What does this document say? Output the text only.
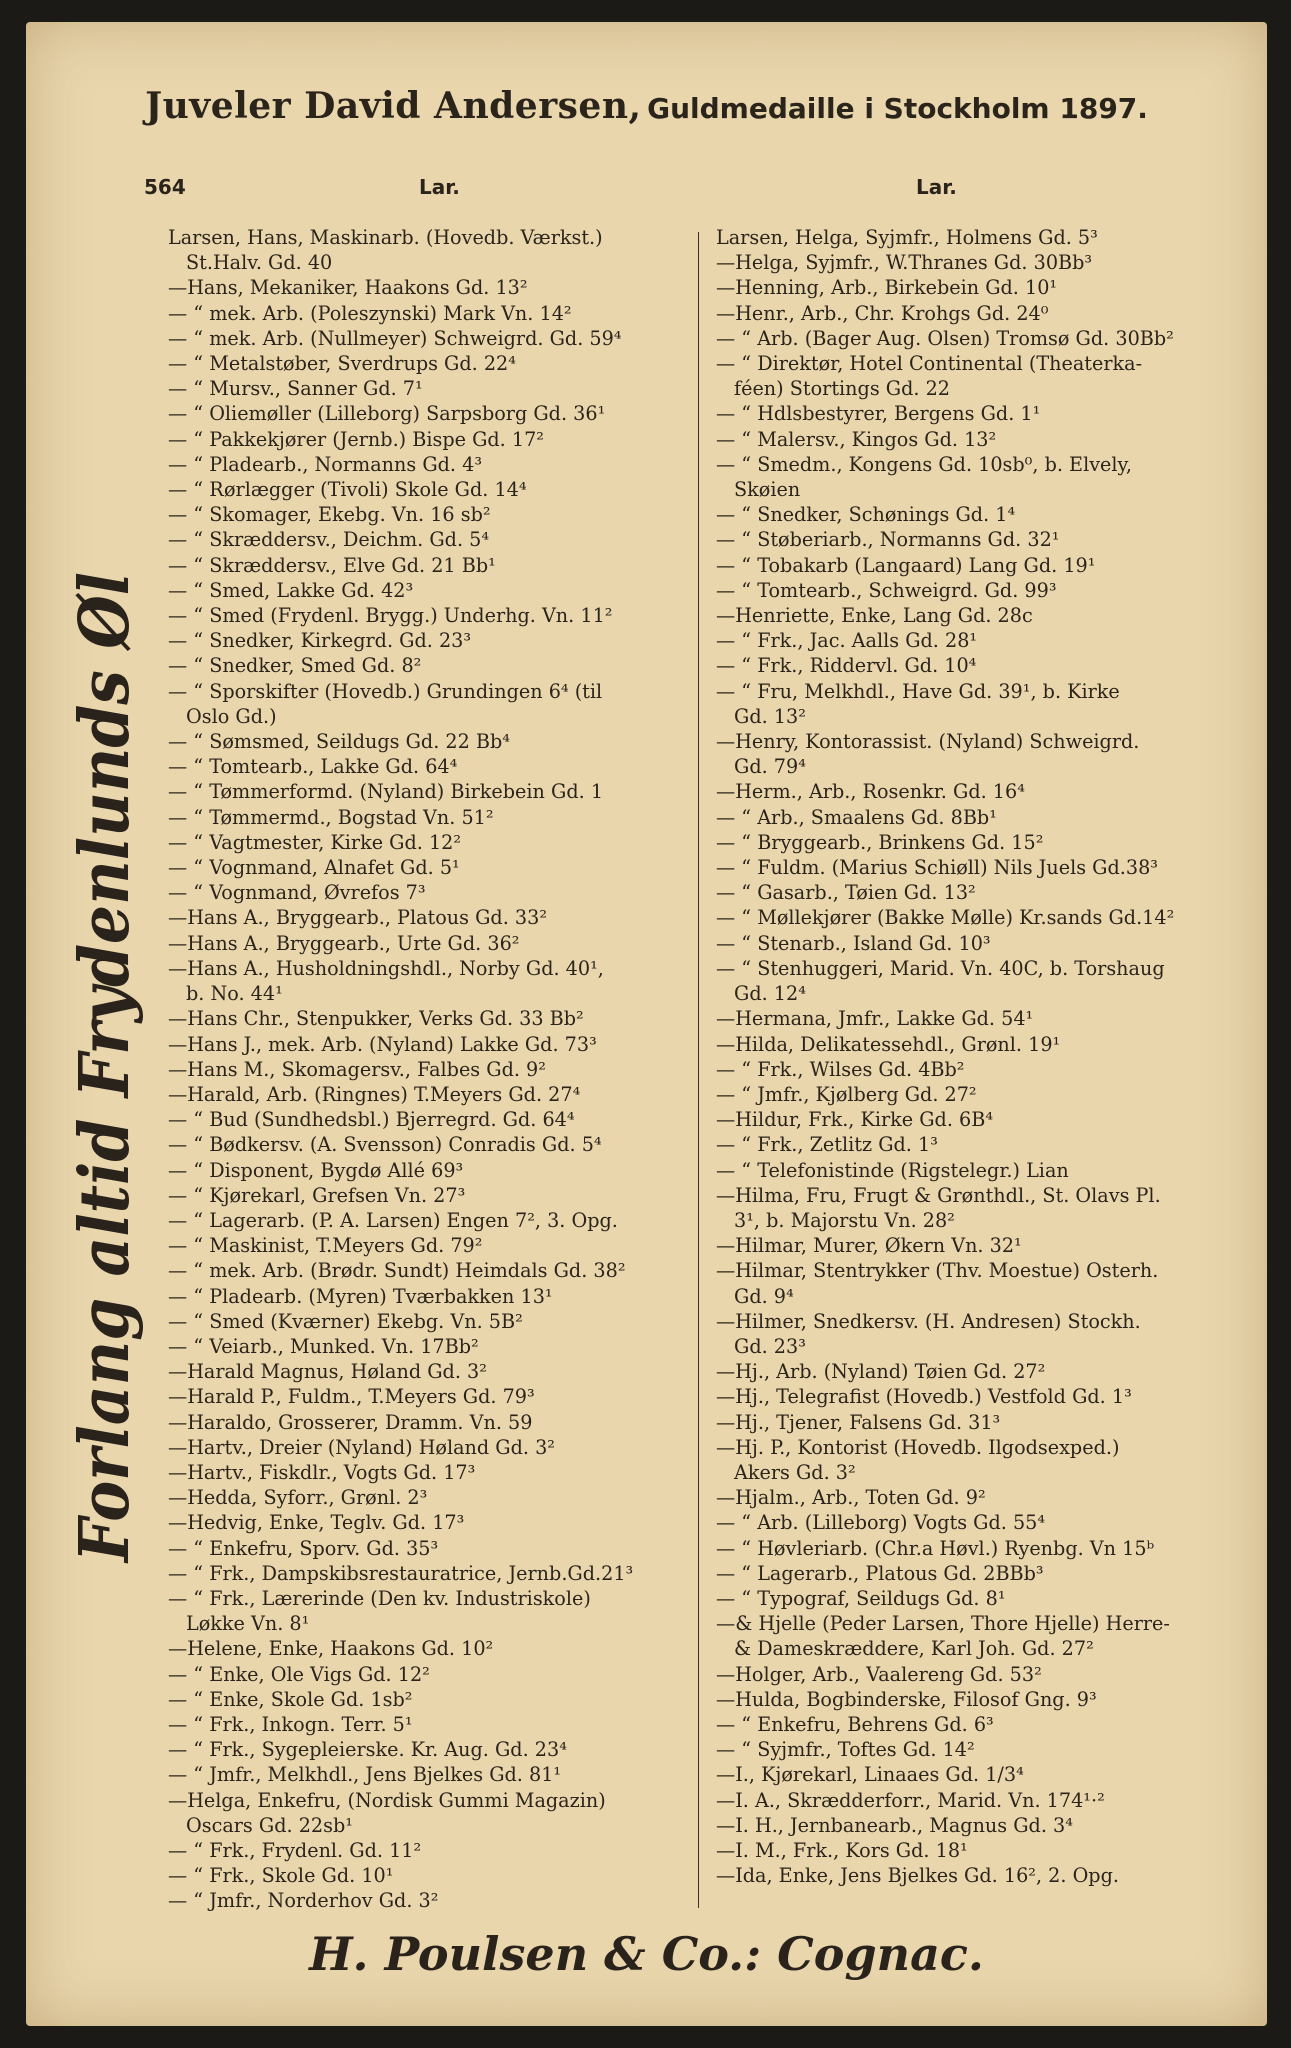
Juveler David Andersen, Guldmedaille i Stockholm 1897.
564	Lar.	Lar.
Forlang altid Frydenlunds Øl
Larsen, Hans, Maskinarb. (Hovedb. Værkst.)
St.Halv. Gd. 40
—Hans, Mekaniker, Haakons Gd. 13²
— “ mek. Arb. (Poleszynski) Mark Vn. 14²
— “ mek. Arb. (Nullmeyer) Schweigrd. Gd. 59⁴
— “ Metalstøber, Sverdrups Gd. 22⁴
— “ Mursv., Sanner Gd. 7¹
— “ Oliemøller (Lilleborg) Sarpsborg Gd. 36¹
— “ Pakkekjører (Jernb.) Bispe Gd. 17²
— “ Pladearb., Normanns Gd. 4³
— “ Rørlægger (Tivoli) Skole Gd. 14⁴
— “ Skomager, Ekebg. Vn. 16 sb²
— “ Skræddersv., Deichm. Gd. 5⁴
— “ Skræddersv., Elve Gd. 21 Bb¹
— “ Smed, Lakke Gd. 42³
— “ Smed (Frydenl. Brygg.) Underhg. Vn. 11²
— “ Snedker, Kirkegrd. Gd. 23³
— “ Snedker, Smed Gd. 8²
— “ Sporskifter (Hovedb.) Grundingen 6⁴ (til
Oslo Gd.)
— “ Sømsmed, Seildugs Gd. 22 Bb⁴
— “ Tomtearb., Lakke Gd. 64⁴
— “ Tømmerformd. (Nyland) Birkebein Gd. 1
— “ Tømmermd., Bogstad Vn. 51²
— “ Vagtmester, Kirke Gd. 12²
— “ Vognmand, Alnafet Gd. 5¹
— “ Vognmand, Øvrefos 7³
—Hans A., Bryggearb., Platous Gd. 33²
—Hans A., Bryggearb., Urte Gd. 36²
—Hans A., Husholdningshdl., Norby Gd. 40¹,
b. No. 44¹
—Hans Chr., Stenpukker, Verks Gd. 33 Bb²
—Hans J., mek. Arb. (Nyland) Lakke Gd. 73³
—Hans M., Skomagersv., Falbes Gd. 9²
—Harald, Arb. (Ringnes) T.Meyers Gd. 27⁴
— “ Bud (Sundhedsbl.) Bjerregrd. Gd. 64⁴
— “ Bødkersv. (A. Svensson) Conradis Gd. 5⁴
— “ Disponent, Bygdø Allé 69³
— “ Kjørekarl, Grefsen Vn. 27³
— “ Lagerarb. (P. A. Larsen) Engen 7², 3. Opg.
— “ Maskinist, T.Meyers Gd. 79²
— “ mek. Arb. (Brødr. Sundt) Heimdals Gd. 38²
— “ Pladearb. (Myren) Tværbakken 13¹
— “ Smed (Kværner) Ekebg. Vn. 5B²
— “ Veiarb., Munked. Vn. 17Bb²
—Harald Magnus, Høland Gd. 3²
—Harald P., Fuldm., T.Meyers Gd. 79³
—Haraldo, Grosserer, Dramm. Vn. 59
—Hartv., Dreier (Nyland) Høland Gd. 3²
—Hartv., Fiskdlr., Vogts Gd. 17³
—Hedda, Syforr., Grønl. 2³
—Hedvig, Enke, Teglv. Gd. 17³
— “ Enkefru, Sporv. Gd. 35³
— “ Frk., Dampskibsrestauratrice, Jernb.Gd.21³
— “ Frk., Lærerinde (Den kv. Industriskole)
Løkke Vn. 8¹
—Helene, Enke, Haakons Gd. 10²
— “ Enke, Ole Vigs Gd. 12²
— “ Enke, Skole Gd. 1sb²
— “ Frk., Inkogn. Terr. 5¹
— “ Frk., Sygepleierske. Kr. Aug. Gd. 23⁴
— “ Jmfr., Melkhdl., Jens Bjelkes Gd. 81¹
—Helga, Enkefru, (Nordisk Gummi Magazin)
Oscars Gd. 22sb¹
— “ Frk., Frydenl. Gd. 11²
— “ Frk., Skole Gd. 10¹
— “ Jmfr., Norderhov Gd. 3²
Larsen, Helga, Syjmfr., Holmens Gd. 5³
—Helga, Syjmfr., W.Thranes Gd. 30Bb³
—Henning, Arb., Birkebein Gd. 10¹
—Henr., Arb., Chr. Krohgs Gd. 24⁰
— “ Arb. (Bager Aug. Olsen) Tromsø Gd. 30Bb²
— “ Direktør, Hotel Continental (Theaterka-
féen) Stortings Gd. 22
— “ Hdlsbestyrer, Bergens Gd. 1¹
— “ Malersv., Kingos Gd. 13²
— “ Smedm., Kongens Gd. 10sb⁰, b. Elvely,
Skøien
— “ Snedker, Schønings Gd. 1⁴
— “ Støberiarb., Normanns Gd. 32¹
— “ Tobakarb (Langaard) Lang Gd. 19¹
— “ Tomtearb., Schweigrd. Gd. 99³
—Henriette, Enke, Lang Gd. 28c
— “ Frk., Jac. Aalls Gd. 28¹
— “ Frk., Riddervl. Gd. 10⁴
— “ Fru, Melkhdl., Have Gd. 39¹, b. Kirke
Gd. 13²
—Henry, Kontorassist. (Nyland) Schweigrd.
Gd. 79⁴
—Herm., Arb., Rosenkr. Gd. 16⁴
— “ Arb., Smaalens Gd. 8Bb¹
— “ Bryggearb., Brinkens Gd. 15²
— “ Fuldm. (Marius Schiøll) Nils Juels Gd.38³
— “ Gasarb., Tøien Gd. 13²
— “ Møllekjører (Bakke Mølle) Kr.sands Gd.14²
— “ Stenarb., Island Gd. 10³
— “ Stenhuggeri, Marid. Vn. 40C, b. Torshaug
Gd. 12⁴
—Hermana, Jmfr., Lakke Gd. 54¹
—Hilda, Delikatessehdl., Grønl. 19¹
— “ Frk., Wilses Gd. 4Bb²
— “ Jmfr., Kjølberg Gd. 27²
—Hildur, Frk., Kirke Gd. 6B⁴
— “ Frk., Zetlitz Gd. 1³
— “ Telefonistinde (Rigstelegr.) Lian
—Hilma, Fru, Frugt & Grønthdl., St. Olavs Pl.
3¹, b. Majorstu Vn. 28²
—Hilmar, Murer, Økern Vn. 32¹
—Hilmar, Stentrykker (Thv. Moestue) Osterh.
Gd. 9⁴
—Hilmer, Snedkersv. (H. Andresen) Stockh.
Gd. 23³
—Hj., Arb. (Nyland) Tøien Gd. 27²
—Hj., Telegrafist (Hovedb.) Vestfold Gd. 1³
—Hj., Tjener, Falsens Gd. 31³
—Hj. P., Kontorist (Hovedb. Ilgodsexped.)
Akers Gd. 3²
—Hjalm., Arb., Toten Gd. 9²
— “ Arb. (Lilleborg) Vogts Gd. 55⁴
— “ Høvleriarb. (Chr.a Høvl.) Ryenbg. Vn 15ᵇ
— “ Lagerarb., Platous Gd. 2BBb³
— “ Typograf, Seildugs Gd. 8¹
—& Hjelle (Peder Larsen, Thore Hjelle) Herre-
& Dameskræddere, Karl Joh. Gd. 27²
—Holger, Arb., Vaalereng Gd. 53²
—Hulda, Bogbinderske, Filosof Gng. 9³
— “ Enkefru, Behrens Gd. 6³
— “ Syjmfr., Toftes Gd. 14²
—I., Kjørekarl, Linaaes Gd. 1/3⁴
—I. A., Skrædderforr., Marid. Vn. 174¹·²
—I. H., Jernbanearb., Magnus Gd. 3⁴
—I. M., Frk., Kors Gd. 18¹
—Ida, Enke, Jens Bjelkes Gd. 16², 2. Opg.
H. Poulsen & Co.: Cognac.
